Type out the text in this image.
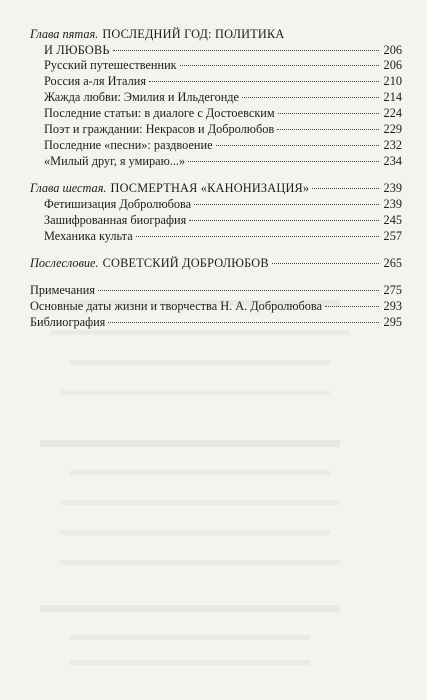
Глава пятая. ПОСЛЕДНИЙ ГОД: ПОЛИТИКА
И ЛЮБОВЬ	206
Русский путешественник	206
Россия а-ля Италия	210
Жажда любви: Эмилия и Ильдегонде	214
Последние статьи: в диалоге с Достоевским	224
Поэт и граждании: Некрасов и Добролюбов	229
Последние «песни»: раздвоение	232
«Милый друг, я умираю...»	234
Глава шестая. ПОСМЕРТНАЯ «КАНОНИЗАЦИЯ»	239
Фетишизация Добролюбова	239
Зашифрованная биография	245
Механика культа	257
Послесловие. СОВЕТСКИЙ ДОБРОЛЮБОВ	265
Примечания	275
Основные даты жизни и творчества Н. А. Добролюбова	293
Библиография	295
